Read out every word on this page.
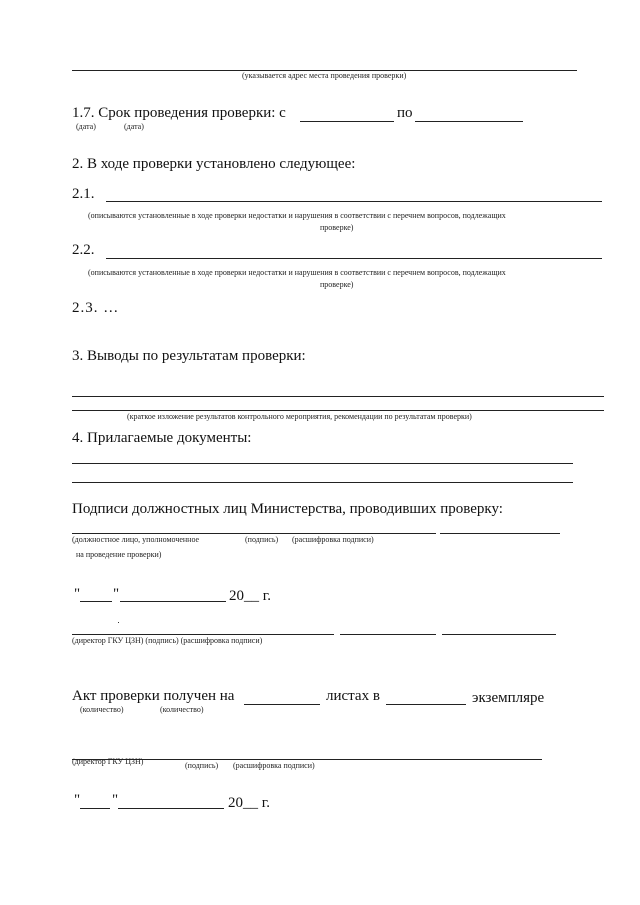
(указывается адрес места проведения проверки)
1.7. Срок проведения проверки: с	по
(дата)	(дата)
2. В ходе проверки установлено следующее:
2.1.
(описываются установленные в ходе проверки недостатки и нарушения в соответствии с перечнем вопросов, подлежащих
проверке)
2.2.
(описываются установленные в ходе проверки недостатки и нарушения в соответствии с перечнем вопросов, подлежащих
проверке)
2.3. …
3. Выводы по результатам проверки:
(краткое изложение результатов контрольного мероприятия, рекомендации по результатам проверки)
4. Прилагаемые документы:
Подписи должностных лиц Министерства, проводивших проверку:
(должностное лицо, уполномоченное	(подпись) (расшифровка подписи)
на проведение проверки)
" "	20__ г.
(директор ГКУ ЦЗН) (подпись) (расшифровка подписи)
Акт проверки получен на	листах в	экземпляре
(количество)	(количество)
(директор ГКУ ЦЗН)	(подпись) (расшифровка подписи)
" "	20__ г.
